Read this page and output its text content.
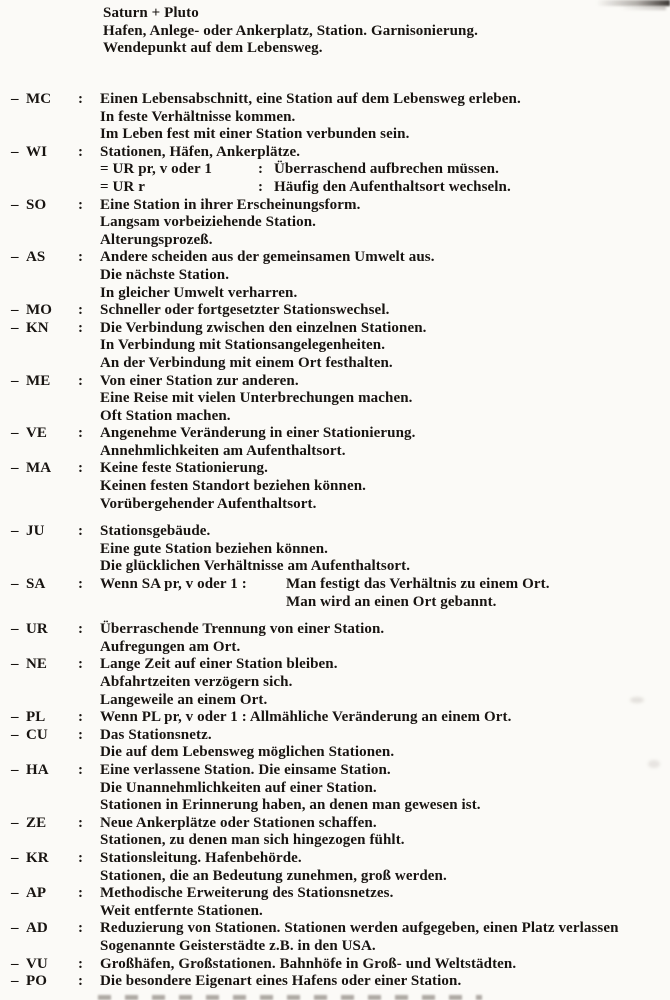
Saturn + Pluto
Hafen, Anlege- oder Ankerplatz, Station. Garnisonierung.
Wendepunkt auf dem Lebensweg.
– MC : Einen Lebensabschnitt, eine Station auf dem Lebensweg erleben.
In feste Verhältnisse kommen.
Im Leben fest mit einer Station verbunden sein.
– WI : Stationen, Häfen, Ankerplätze.
= UR pr, v oder 1	: Überraschend aufbrechen müssen.
= UR r	: Häufig den Aufenthaltsort wechseln.
– SO : Eine Station in ihrer Erscheinungsform.
Langsam vorbeiziehende Station.
Alterungsprozeß.
– AS : Andere scheiden aus der gemeinsamen Umwelt aus.
Die nächste Station.
In gleicher Umwelt verharren.
– MO : Schneller oder fortgesetzter Stationswechsel.
– KN : Die Verbindung zwischen den einzelnen Stationen.
In Verbindung mit Stationsangelegenheiten.
An der Verbindung mit einem Ort festhalten.
– ME : Von einer Station zur anderen.
Eine Reise mit vielen Unterbrechungen machen.
Oft Station machen.
– VE : Angenehme Veränderung in einer Stationierung.
Annehmlichkeiten am Aufenthaltsort.
– MA : Keine feste Stationierung.
Keinen festen Standort beziehen können.
Vorübergehender Aufenthaltsort.
– JU : Stationsgebäude.
Eine gute Station beziehen können.
Die glücklichen Verhältnisse am Aufenthaltsort.
– SA : Wenn SA pr, v oder 1 :	Man festigt das Verhältnis zu einem Ort.
Man wird an einen Ort gebannt.
– UR : Überraschende Trennung von einer Station.
Aufregungen am Ort.
– NE : Lange Zeit auf einer Station bleiben.
Abfahrtzeiten verzögern sich.
Langeweile an einem Ort.
– PL : Wenn PL pr, v oder 1 : Allmähliche Veränderung an einem Ort.
– CU : Das Stationsnetz.
Die auf dem Lebensweg möglichen Stationen.
– HA : Eine verlassene Station. Die einsame Station.
Die Unannehmlichkeiten auf einer Station.
Stationen in Erinnerung haben, an denen man gewesen ist.
– ZE : Neue Ankerplätze oder Stationen schaffen.
Stationen, zu denen man sich hingezogen fühlt.
– KR : Stationsleitung. Hafenbehörde.
Stationen, die an Bedeutung zunehmen, groß werden.
– AP : Methodische Erweiterung des Stationsnetzes.
Weit entfernte Stationen.
– AD : Reduzierung von Stationen. Stationen werden aufgegeben, einen Platz verlassen
Sogenannte Geisterstädte z.B. in den USA.
– VU : Großhäfen, Großstationen. Bahnhöfe in Groß- und Weltstädten.
– PO : Die besondere Eigenart eines Hafens oder einer Station.
